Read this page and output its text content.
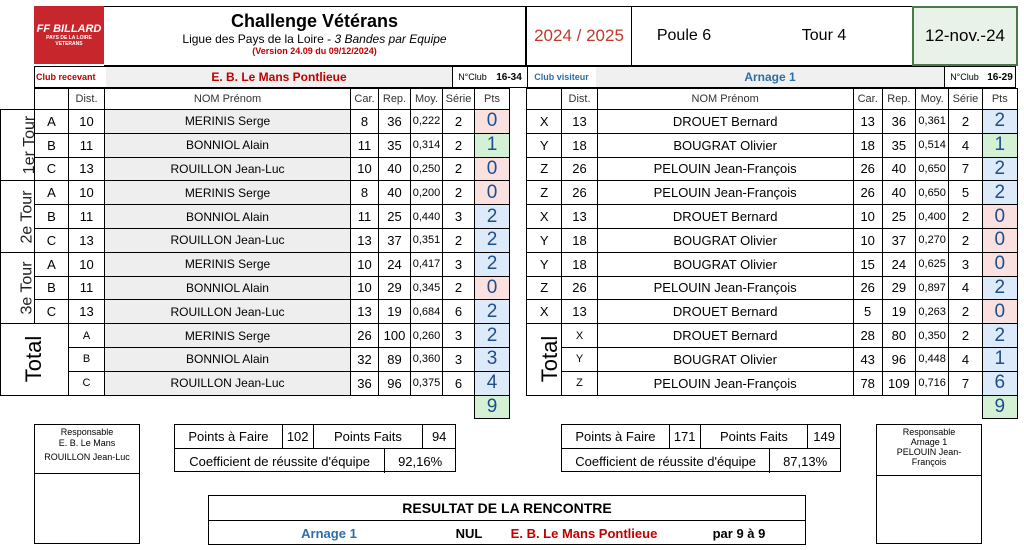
FF BILLARD
PAYS DE LA LOIRE
VETERANS
Challenge Vétérans
Ligue des Pays de la Loire - 3 Bandes par Equipe
(Version 24.09 du 09/12/2024)
2024 / 2025	Poule 6	Tour 4	12-nov.-24
Club recevant	E. B. Le Mans Pontlieue	N°Club 16-34	Club visiteur	Arnage 1	N°Club 16-29
		Dist.	NOM Prénom	Car.	Rep.	Moy.	Série	Pts	
1er Tour	A	10	MERINIS Serge	8	36	0,222	2	0	
	B	11	BONNIOL Alain	11	35	0,314	2	1	
	C	13	ROUILLON Jean-Luc	10	40	0,250	2	0	
2e Tour	A	10	MERINIS Serge	8	40	0,200	2	0	
	B	11	BONNIOL Alain	11	25	0,440	3	2	
	C	13	ROUILLON Jean-Luc	13	37	0,351	2	2	
3e Tour	A	10	MERINIS Serge	10	24	0,417	3	2	
	B	11	BONNIOL Alain	10	29	0,345	2	0	
	C	13	ROUILLON Jean-Luc	13	19	0,684	6	2	
Total		A	MERINIS Serge	26	100	0,260	3	2	
		B	BONNIOL Alain	32	89	0,360	3	3	
		C	ROUILLON Jean-Luc	36	96	0,375	6	4	
								9	
	Dist.	NOM Prénom	Car.	Rep.	Moy.	Série	Pts
X	13	DROUET Bernard	13	36	0,361	2	2
Y	18	BOUGRAT Olivier	18	35	0,514	4	1
Z	26	PELOUIN Jean-François	26	40	0,650	7	2
Z	26	PELOUIN Jean-François	26	40	0,650	5	2
X	13	DROUET Bernard	10	25	0,400	2	0
Y	18	BOUGRAT Olivier	10	37	0,270	2	0
Y	18	BOUGRAT Olivier	15	24	0,625	3	0
Z	26	PELOUIN Jean-François	26	29	0,897	4	2
X	13	DROUET Bernard	5	19	0,263	2	0
Total	X	DROUET Bernard	28	80	0,350	2	2
	Y	BOUGRAT Olivier	43	96	0,448	4	1
	Z	PELOUIN Jean-François	78	109	0,716	7	6
							9
Responsable
E. B. Le Mans
ROUILLON Jean-Luc
Points à Faire	102	Points Faits	94
Coefficient de réussite d'équipe	92,16%
Points à Faire	171	Points Faits	149
Coefficient de réussite d'équipe	87,13%
Responsable
Arnage 1
PELOUIN Jean-François
RESULTAT DE LA RENCONTRE
Arnage 1	NUL	E. B. Le Mans Pontlieue	par 9 à 9
